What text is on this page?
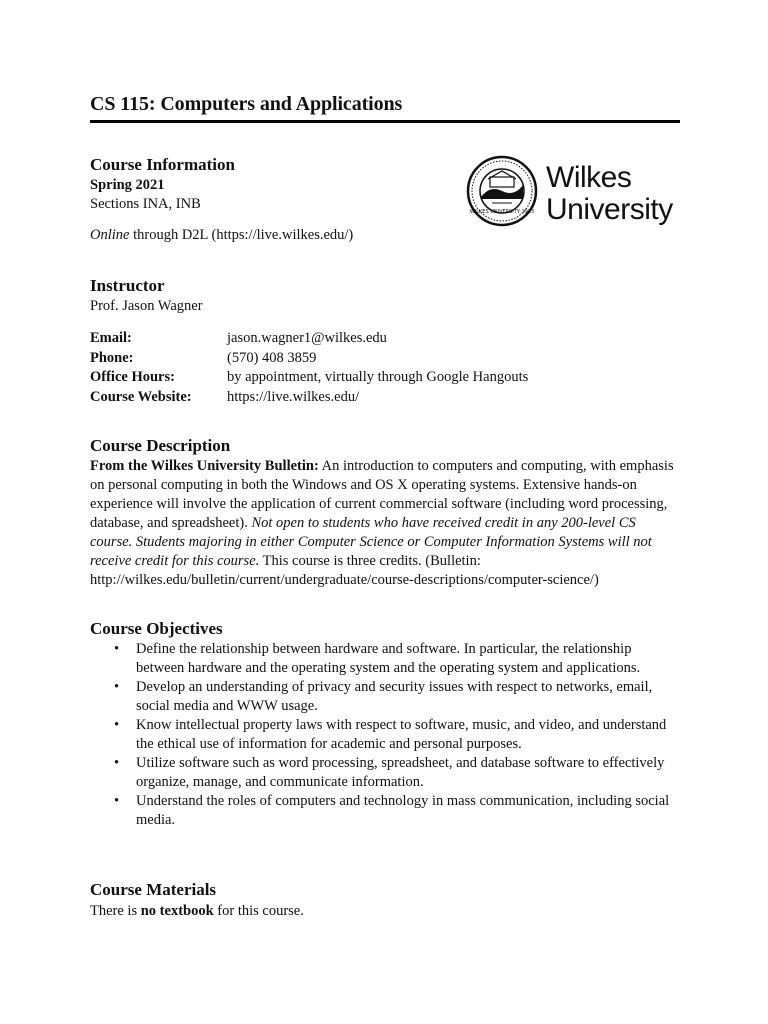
CS 115: Computers and Applications
Course Information
Spring 2021
Sections INA, INB
Online through D2L (https://live.wilkes.edu/)
Instructor
Prof. Jason Wagner
Email:	jason.wagner1@wilkes.edu
Phone:	(570) 408 3859
Office Hours:	by appointment, virtually through Google Hangouts
Course Website: https://live.wilkes.edu/
Course Description

From the Wilkes University Bulletin: An introduction to computers and computing, with emphasis on personal computing in both the Windows and OS X operating systems. Extensive hands-on experience will involve the application of current commercial software (including word processing, database, and spreadsheet). Not open to students who have received credit in any 200-level CS course. Students majoring in either Computer Science or Computer Information Systems will not receive credit for this course. This course is three credits. (Bulletin: http://wilkes.edu/bulletin/current/undergraduate/course-descriptions/computer-science/)

Course Objectives
• Define the relationship between hardware and software. In particular, the relationship between hardware and the operating system and the operating system and applications.
• Develop an understanding of privacy and security issues with respect to networks, email, social media and WWW usage.
• Know intellectual property laws with respect to software, music, and video, and understand the ethical use of information for academic and personal purposes.
• Utilize software such as word processing, spreadsheet, and database software to effectively organize, manage, and communicate information.
• Understand the roles of computers and technology in mass communication, including social media.
Course Materials
There is no textbook for this course.
WILKES UNIVERSITY 1933
Wilkes
University
